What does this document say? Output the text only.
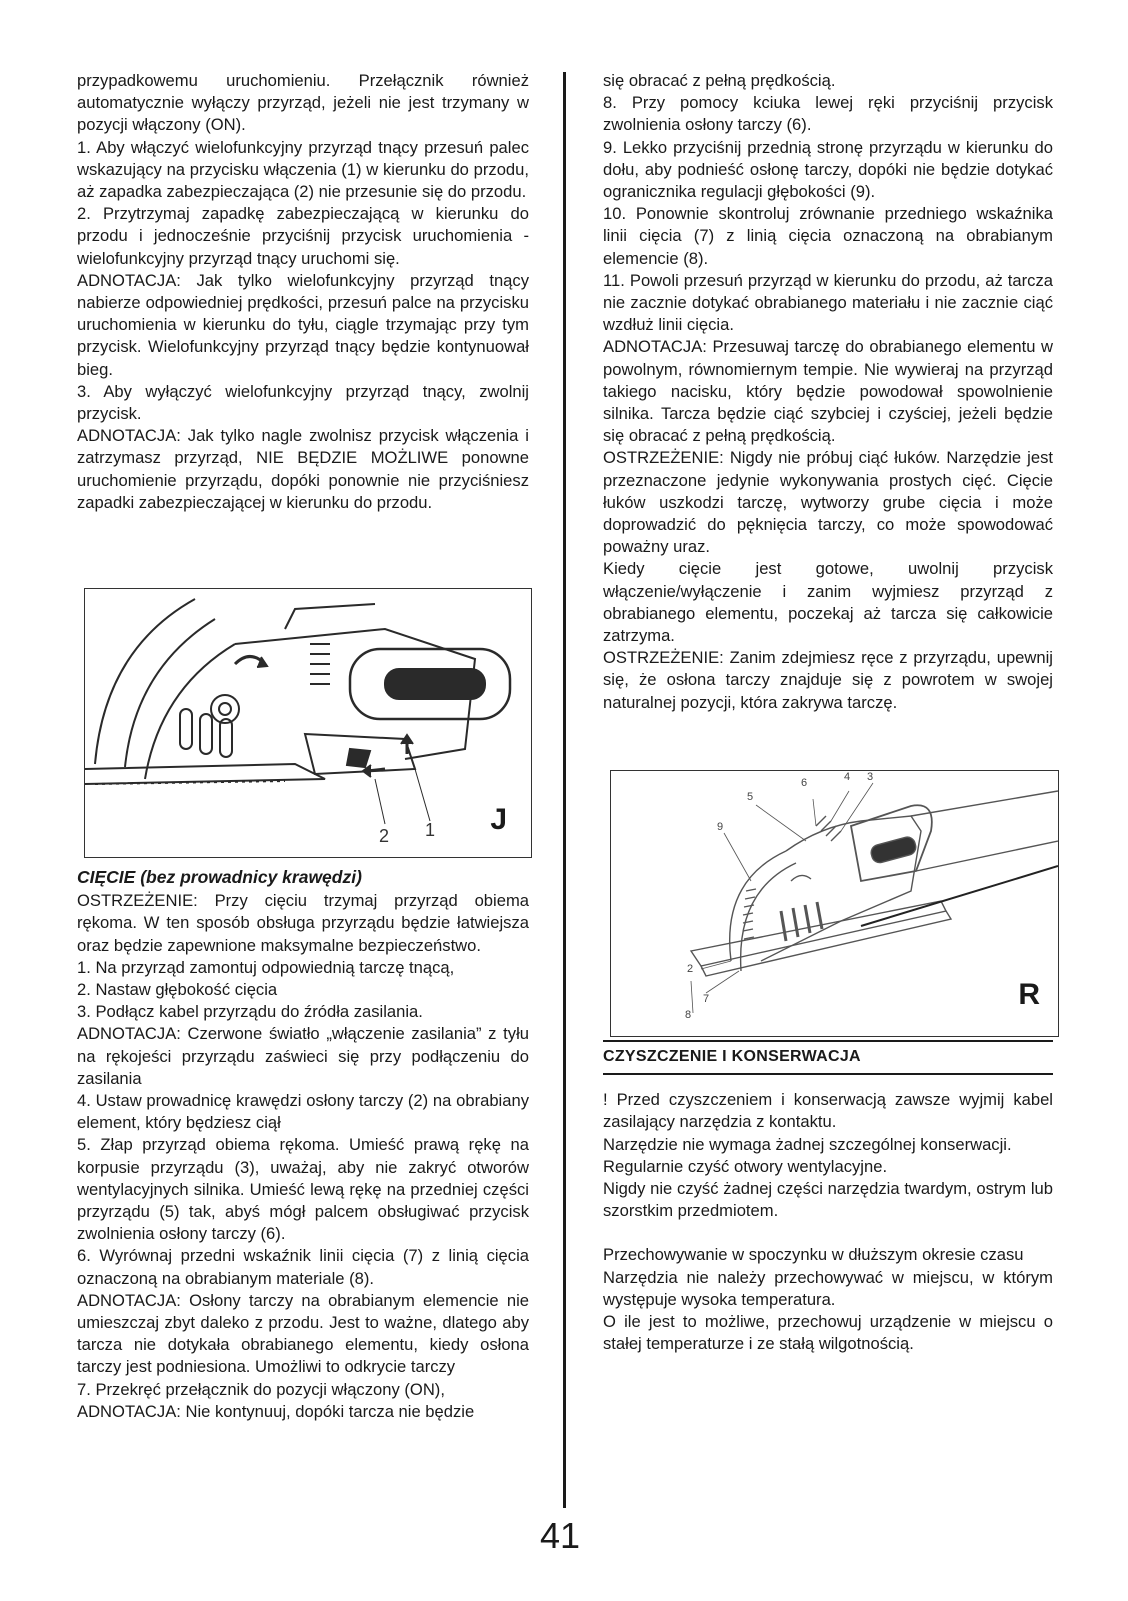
przypadkowemu uruchomieniu. Przełącznik również automatycznie wyłączy przyrząd, jeżeli nie jest trzymany w pozycji włączony (ON).

1. Aby włączyć wielofunkcyjny przyrząd tnący przesuń palec wskazujący na przycisku włączenia (1) w kierunku do przodu, aż zapadka zabezpieczająca (2) nie przesunie się do przodu.

2. Przytrzymaj zapadkę zabezpieczającą w kierunku do przodu i jednocześnie przyciśnij przycisk uruchomienia - wielofunkcyjny przyrząd tnący uruchomi się.

ADNOTACJA: Jak tylko wielofunkcyjny przyrząd tnący nabierze odpowiedniej prędkości, przesuń palce na przycisku uruchomienia w kierunku do tyłu, ciągle trzymając przy tym przycisk. Wielofunkcyjny przyrząd tnący będzie kontynuował bieg.

3. Aby wyłączyć wielofunkcyjny przyrząd tnący, zwolnij przycisk.

ADNOTACJA: Jak tylko nagle zwolnisz przycisk włączenia i zatrzymasz przyrząd, NIE BĘDZIE MOŻLIWE ponowne uruchomienie przyrządu, dopóki ponownie nie przyciśniesz zapadki zabezpieczającej w kierunku do przodu.

2 1 J

CIĘCIE (bez prowadnicy krawędzi)

OSTRZEŻENIE: Przy cięciu trzymaj przyrząd obiema rękoma. W ten sposób obsługa przyrządu będzie łatwiejsza oraz będzie zapewnione maksymalne bezpieczeństwo.

1. Na przyrząd zamontuj odpowiednią tarczę tnącą,

2. Nastaw głębokość cięcia

3. Podłącz kabel przyrządu do źródła zasilania.

ADNOTACJA: Czerwone światło „włączenie zasilania” z tyłu na rękojeści przyrządu zaświeci się przy podłączeniu do zasilania

4. Ustaw prowadnicę krawędzi osłony tarczy (2) na obrabiany element, który będziesz ciął

5. Złap przyrząd obiema rękoma. Umieść prawą rękę na korpusie przyrządu (3), uważaj, aby nie zakryć otworów wentylacyjnych silnika. Umieść lewą rękę na przedniej części przyrządu (5) tak, abyś mógł palcem obsługiwać przycisk zwolnienia osłony tarczy (6).

6. Wyrównaj przedni wskaźnik linii cięcia (7) z linią cięcia oznaczoną na obrabianym materiale (8).

ADNOTACJA: Osłony tarczy na obrabianym elemencie nie umieszczaj zbyt daleko z przodu. Jest to ważne, dlatego aby tarcza nie dotykała obrabianego elementu, kiedy osłona tarczy jest podniesiona. Umożliwi to odkrycie tarczy

7. Przekręć przełącznik do pozycji włączony (ON),

ADNOTACJA: Nie kontynuuj, dopóki tarcza nie będzie

się obracać z pełną prędkością.

8. Przy pomocy kciuka lewej ręki przyciśnij przycisk zwolnienia osłony tarczy (6).

9. Lekko przyciśnij przednią stronę przyrządu w kierunku do dołu, aby podnieść osłonę tarczy, dopóki nie będzie dotykać ogranicznika regulacji głębokości (9).

10. Ponownie skontroluj zrównanie przedniego wskaźnika linii cięcia (7) z linią cięcia oznaczoną na obrabianym elemencie (8).

11. Powoli przesuń przyrząd w kierunku do przodu, aż tarcza nie zacznie dotykać obrabianego materiału i nie zacznie ciąć wzdłuż linii cięcia.

ADNOTACJA: Przesuwaj tarczę do obrabianego elementu w powolnym, równomiernym tempie. Nie wywieraj na przyrząd takiego nacisku, który będzie powodował spowolnienie silnika. Tarcza będzie ciąć szybciej i czyściej, jeżeli będzie się obracać z pełną prędkością.

OSTRZEŻENIE: Nigdy nie próbuj ciąć łuków. Narzędzie jest przeznaczone jedynie wykonywania prostych cięć. Cięcie łuków uszkodzi tarczę, wytworzy grube cięcia i może doprowadzić do pęknięcia tarczy, co może spowodować poważny uraz.

Kiedy cięcie jest gotowe, uwolnij przycisk włączenie/wyłączenie i zanim wyjmiesz przyrząd z obrabianego elementu, poczekaj aż tarcza się całkowicie zatrzyma.

OSTRZEŻENIE: Zanim zdejmiesz ręce z przyrządu, upewnij się, że osłona tarczy znajduje się z powrotem w swojej naturalnej pozycji, która zakrywa tarczę.

3
4
6
5
9
2
7
8
R

CZYSZCZENIE I KONSERWACJA

! Przed czyszczeniem i konserwacją zawsze wyjmij kabel zasilający narzędzia z kontaktu.

Narzędzie nie wymaga żadnej szczególnej konserwacji.

Regularnie czyść otwory wentylacyjne.

Nigdy nie czyść żadnej części narzędzia twardym, ostrym lub szorstkim przedmiotem.

Przechowywanie w spoczynku w dłuższym okresie czasu

Narzędzia nie należy przechowywać w miejscu, w którym występuje wysoka temperatura.

O ile jest to możliwe, przechowuj urządzenie w miejscu o stałej temperaturze i ze stałą wilgotnością.

41
